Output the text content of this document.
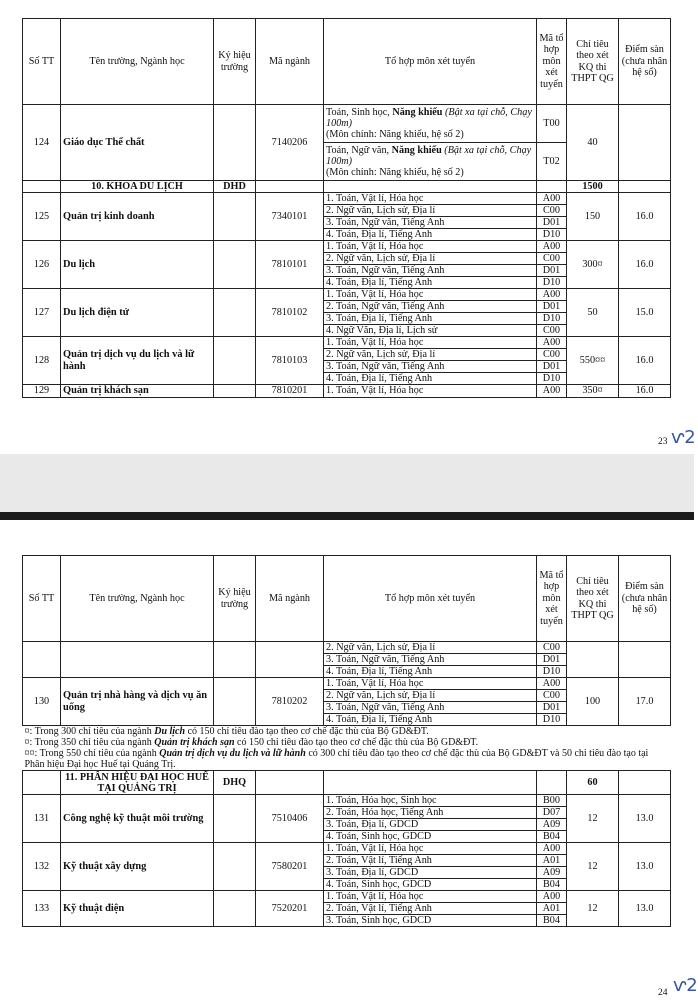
Số TT	Tên trường, Ngành học	Ký hiệu trường	Mã ngành	Tổ hợp môn xét tuyển	Mã tổ hợp môn xét tuyển	Chỉ tiêu theo xét KQ thi THPT QG	Điểm sàn (chưa nhân hệ số)
124	Giáo dục Thể chất		7140206	Toán, Sinh học, Năng khiếu (Bật xa tại chỗ, Chạy 100m)
(Môn chính: Năng khiếu, hệ số 2)	T00	40	
				Toán, Ngữ văn, Năng khiếu (Bật xa tại chỗ, Chạy 100m)
(Môn chính: Năng khiếu, hệ số 2)	T02		
	10. KHOA DU LỊCH	DHD				1500	
125	Quản trị kinh doanh		7340101	1. Toán, Vật lí, Hóa học	A00	150	16.0
				2. Ngữ văn, Lịch sử, Địa lí	C00		
				3. Toán, Ngữ văn, Tiếng Anh	D01		
				4. Toán, Địa lí, Tiếng Anh	D10		
126	Du lịch		7810101	1. Toán, Vật lí, Hóa học	A00	300¤	16.0
				2. Ngữ văn, Lịch sử, Địa lí	C00		
				3. Toán, Ngữ văn, Tiếng Anh	D01		
				4. Toán, Địa lí, Tiếng Anh	D10		
127	Du lịch điện tử		7810102	1. Toán, Vật lí, Hóa học	A00	50	15.0
				2. Toán, Ngữ văn, Tiếng Anh	D01		
				3. Toán, Địa lí, Tiếng Anh	D10		
				4. Ngữ Văn, Địa lí, Lịch sử	C00		
128	Quản trị dịch vụ du lịch và lữ hành		7810103	1. Toán, Vật lí, Hóa học	A00	550¤¤	16.0
				2. Ngữ văn, Lịch sử, Địa lí	C00		
				3. Toán, Ngữ văn, Tiếng Anh	D01		
				4. Toán, Địa lí, Tiếng Anh	D10		
129	Quản trị khách sạn		7810201	1. Toán, Vật lí, Hóa học	A00	350¤	16.0
23 ⱱ2
Số TT	Tên trường, Ngành học	Ký hiệu trường	Mã ngành	Tổ hợp môn xét tuyển	Mã tổ hợp môn xét tuyển	Chỉ tiêu theo xét KQ thi THPT QG	Điểm sàn (chưa nhân hệ số)
				2. Ngữ văn, Lịch sử, Địa lí	C00		
				3. Toán, Ngữ văn, Tiếng Anh	D01		
				4. Toán, Địa lí, Tiếng Anh	D10		
130	Quản trị nhà hàng và dịch vụ ăn uống		7810202	1. Toán, Vật lí, Hóa học	A00	100	17.0
				2. Ngữ văn, Lịch sử, Địa lí	C00		
				3. Toán, Ngữ văn, Tiếng Anh	D01		
				4. Toán, Địa lí, Tiếng Anh	D10		

¤: Trong 300 chỉ tiêu của ngành Du lịch có 150 chỉ tiêu đào tạo theo cơ chế đặc thù của Bộ GD&ĐT.
¤: Trong 350 chỉ tiêu của ngành Quản trị khách sạn có 150 chỉ tiêu đào tạo theo cơ chế đặc thù của Bộ GD&ĐT.
¤¤: Trong 550 chỉ tiêu của ngành Quản trị dịch vụ du lịch và lữ hành có 300 chỉ tiêu đào tạo theo cơ chế đặc thù của Bộ GD&ĐT và 50 chỉ tiêu đào tạo tại Phân hiệu Đại học Huế tại Quảng Trị.							

	11. PHÂN HIỆU ĐẠI HỌC HUẾ TẠI QUẢNG TRỊ	DHQ				60	
131	Công nghệ kỹ thuật môi trường		7510406	1. Toán, Hóa học, Sinh học	B00	12	13.0
				2. Toán, Hóa học, Tiếng Anh	D07		
				3. Toán, Địa lí, GDCD	A09		
				4. Toán, Sinh học, GDCD	B04		
132	Kỹ thuật xây dựng		7580201	1. Toán, Vật lí, Hóa học	A00	12	13.0
				2. Toán, Vật lí, Tiếng Anh	A01		
				3. Toán, Địa lí, GDCD	A09		
				4. Toán, Sinh học, GDCD	B04		
133	Kỹ thuật điện		7520201	1. Toán, Vật lí, Hóa học	A00	12	13.0
				2. Toán, Vật lí, Tiếng Anh	A01		
				3. Toán, Sinh học, GDCD	B04		
24 ⱱ2
